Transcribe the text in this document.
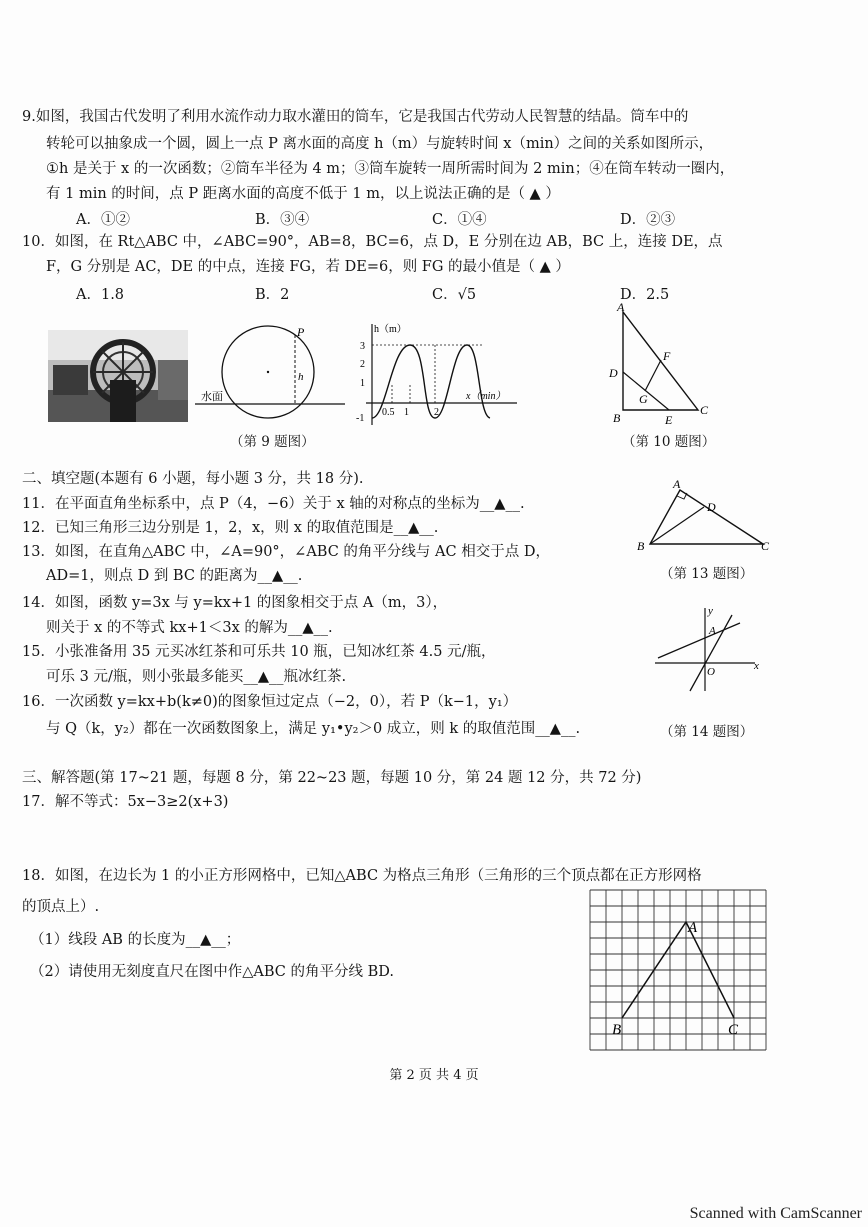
9.如图，我国古代发明了利用水流作动力取水灌田的筒车，它是我国古代劳动人民智慧的结晶。筒车中的
转轮可以抽象成一个圆，圆上一点 P 离水面的高度 h（m）与旋转时间 x（min）之间的关系如图所示，
①h 是关于 x 的一次函数；②筒车半径为 4 m；③筒车旋转一周所需时间为 2 min；④在筒车转动一圈内，
有 1 min 的时间，点 P 距离水面的高度不低于 1 m，以上说法正确的是（ ▲ ）
A．①②	B．③④	C．①④	D．②③
10．如图，在 Rt△ABC 中，∠ABC=90°，AB=8，BC=6，点 D，E 分别在边 AB，BC 上，连接 DE，点
F，G 分别是 AC，DE 的中点，连接 FG，若 DE=6，则 FG 的最小值是（ ▲ ）
A．1.8	B．2	C．√5	D．2.5
P
h
水面
h（m）
3
2
1
-1
0.5 1	2
x（min）
（第 9 题图）
A
D
F
G
B	E
C
（第 10 题图）
二、填空题(本题有 6 小题，每小题 3 分，共 18 分).
11．在平面直角坐标系中，点 P（4，−6）关于 x 轴的对称点的坐标为__▲__.
12．已知三角形三边分别是 1，2，x，则 x 的取值范围是__▲__.
13．如图，在直角△ABC 中，∠A=90°，∠ABC 的角平分线与 AC 相交于点 D，
AD=1，则点 D 到 BC 的距离为__▲__.
14．如图，函数 y=3x 与 y=kx+1 的图象相交于点 A（m，3），
则关于 x 的不等式 kx+1＜3x 的解为__▲__.
15．小张准备用 35 元买冰红茶和可乐共 10 瓶，已知冰红茶 4.5 元/瓶，
可乐 3 元/瓶，则小张最多能买__▲__瓶冰红茶.
16．一次函数 y=kx+b(k≠0)的图象恒过定点（−2，0），若 P（k−1，y₁）
与 Q（k，y₂）都在一次函数图象上，满足 y₁•y₂＞0 成立，则 k 的取值范围__▲__.
A
D
B	C
（第 13 题图）
y
A
O	x
（第 14 题图）
三、解答题(第 17~21 题，每题 8 分，第 22~23 题，每题 10 分，第 24 题 12 分，共 72 分)
17．解不等式：5x−3≥2(x+3)
18．如图，在边长为 1 的小正方形网格中，已知△ABC 为格点三角形（三角形的三个顶点都在正方形网格
的顶点上）.
（1）线段 AB 的长度为__▲__；
（2）请使用无刻度直尺在图中作△ABC 的角平分线 BD.
A
B	C
第 2 页 共 4 页
Scanned with CamScanner
